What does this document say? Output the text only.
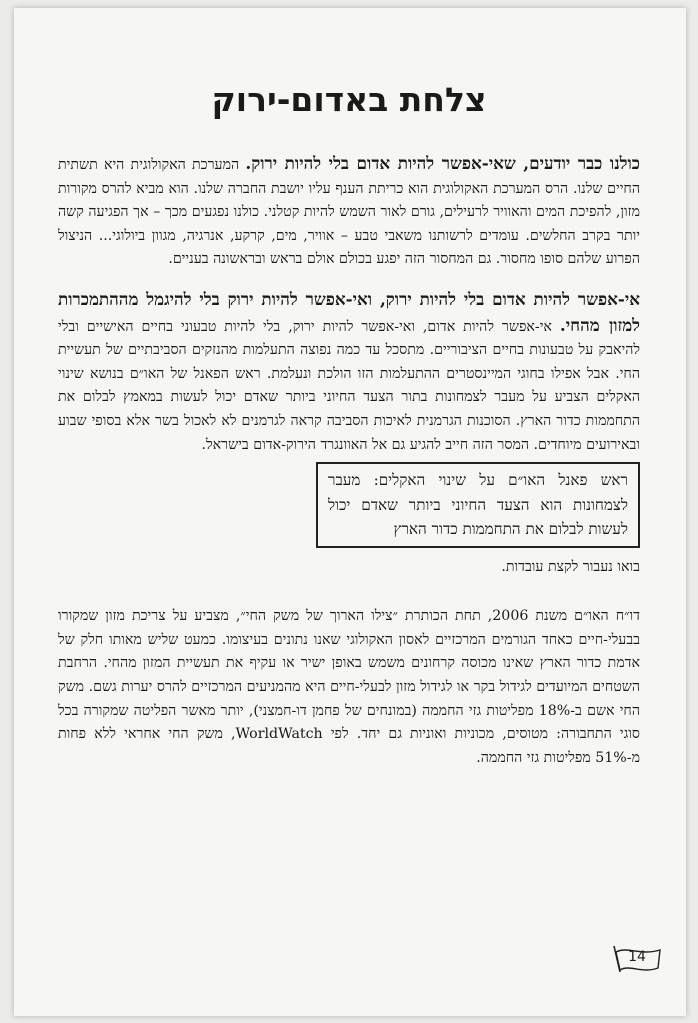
צלחת באדום-ירוק

כולנו כבר יודעים, שאי-אפשר להיות אדום בלי להיות ירוק. המערכת האקולוגית היא תשתית החיים שלנו. הרס המערכת האקולוגית הוא כריתת הענף עליו יושבת החברה שלנו. הוא מביא להרס מקורות מזון, להפיכת המים והאוויר לרעילים, גורם לאור השמש להיות קטלני. כולנו נפגעים מכך – אך הפגיעה קשה יותר בקרב החלשים. עומדים לרשותנו משאבי טבע – אוויר, מים, קרקע, אנרגיה, מגוון ביולוגי... הניצול הפרוע שלהם סופו מחסור. גם המחסור הזה יפגע בכולם אולם בראש ובראשונה בעניים.

אי-אפשר להיות אדום בלי להיות ירוק, ואי-אפשר להיות ירוק בלי להיגמל מההתמכרות למזון מהחי. אי-אפשר להיות אדום, ואי-אפשר להיות ירוק, בלי להיות טבעוני בחיים האישיים ובלי להיאבק על טבעונות בחיים הציבוריים. מתסכל עד כמה נפוצה התעלמות מהנזקים הסביבתיים של תעשיית החי. אבל אפילו בחוגי המיינסטרים ההתעלמות הזו הולכת ונעלמת. ראש הפאנל של האו״ם בנושא שינוי האקלים הצביע על מעבר לצמחונות בתור הצעד החיוני ביותר שאדם יכול לעשות במאמץ לבלום את התחממות כדור הארץ. הסוכנות הגרמנית לאיכות הסביבה קראה לגרמנים לא לאכול בשר אלא בסופי שבוע ובאירועים מיוחדים. המסר הזה חייב להגיע גם אל האוונגרד הירוק-אדום בישראל.

ראש פאנל האו״ם על שינוי האקלים: מעבר לצמחונות הוא הצעד החיוני ביותר שאדם יכול לעשות לבלום את התחממות כדור הארץ

בואו נעבור לקצת עובדות.

דו״ח האו״ם משנת 2006, תחת הכותרת ״צילו הארוך של משק החי״, מצביע על צריכת מזון שמקורו בבעלי-חיים כאחד הגורמים המרכזיים לאסון האקולוגי שאנו נתונים בעיצומו. כמעט שליש מאותו חלק של אדמת כדור הארץ שאינו מכוסה קרחונים משמש באופן ישיר או עקיף את תעשיית המזון מהחי. הרחבת השטחים המיועדים לגידול בקר או לגידול מזון לבעלי-חיים היא מהמניעים המרכזיים להרס יערות גשם. משק החי אשם ב-18% מפליטות גזי החממה (במונחים של פחמן דו-חמצני), יותר מאשר הפליטה שמקורה בכל סוגי התחבורה: מטוסים, מכוניות ואוניות גם יחד. לפי WorldWatch, משק החי אחראי ללא פחות מ-51% מפליטות גזי החממה.

14
